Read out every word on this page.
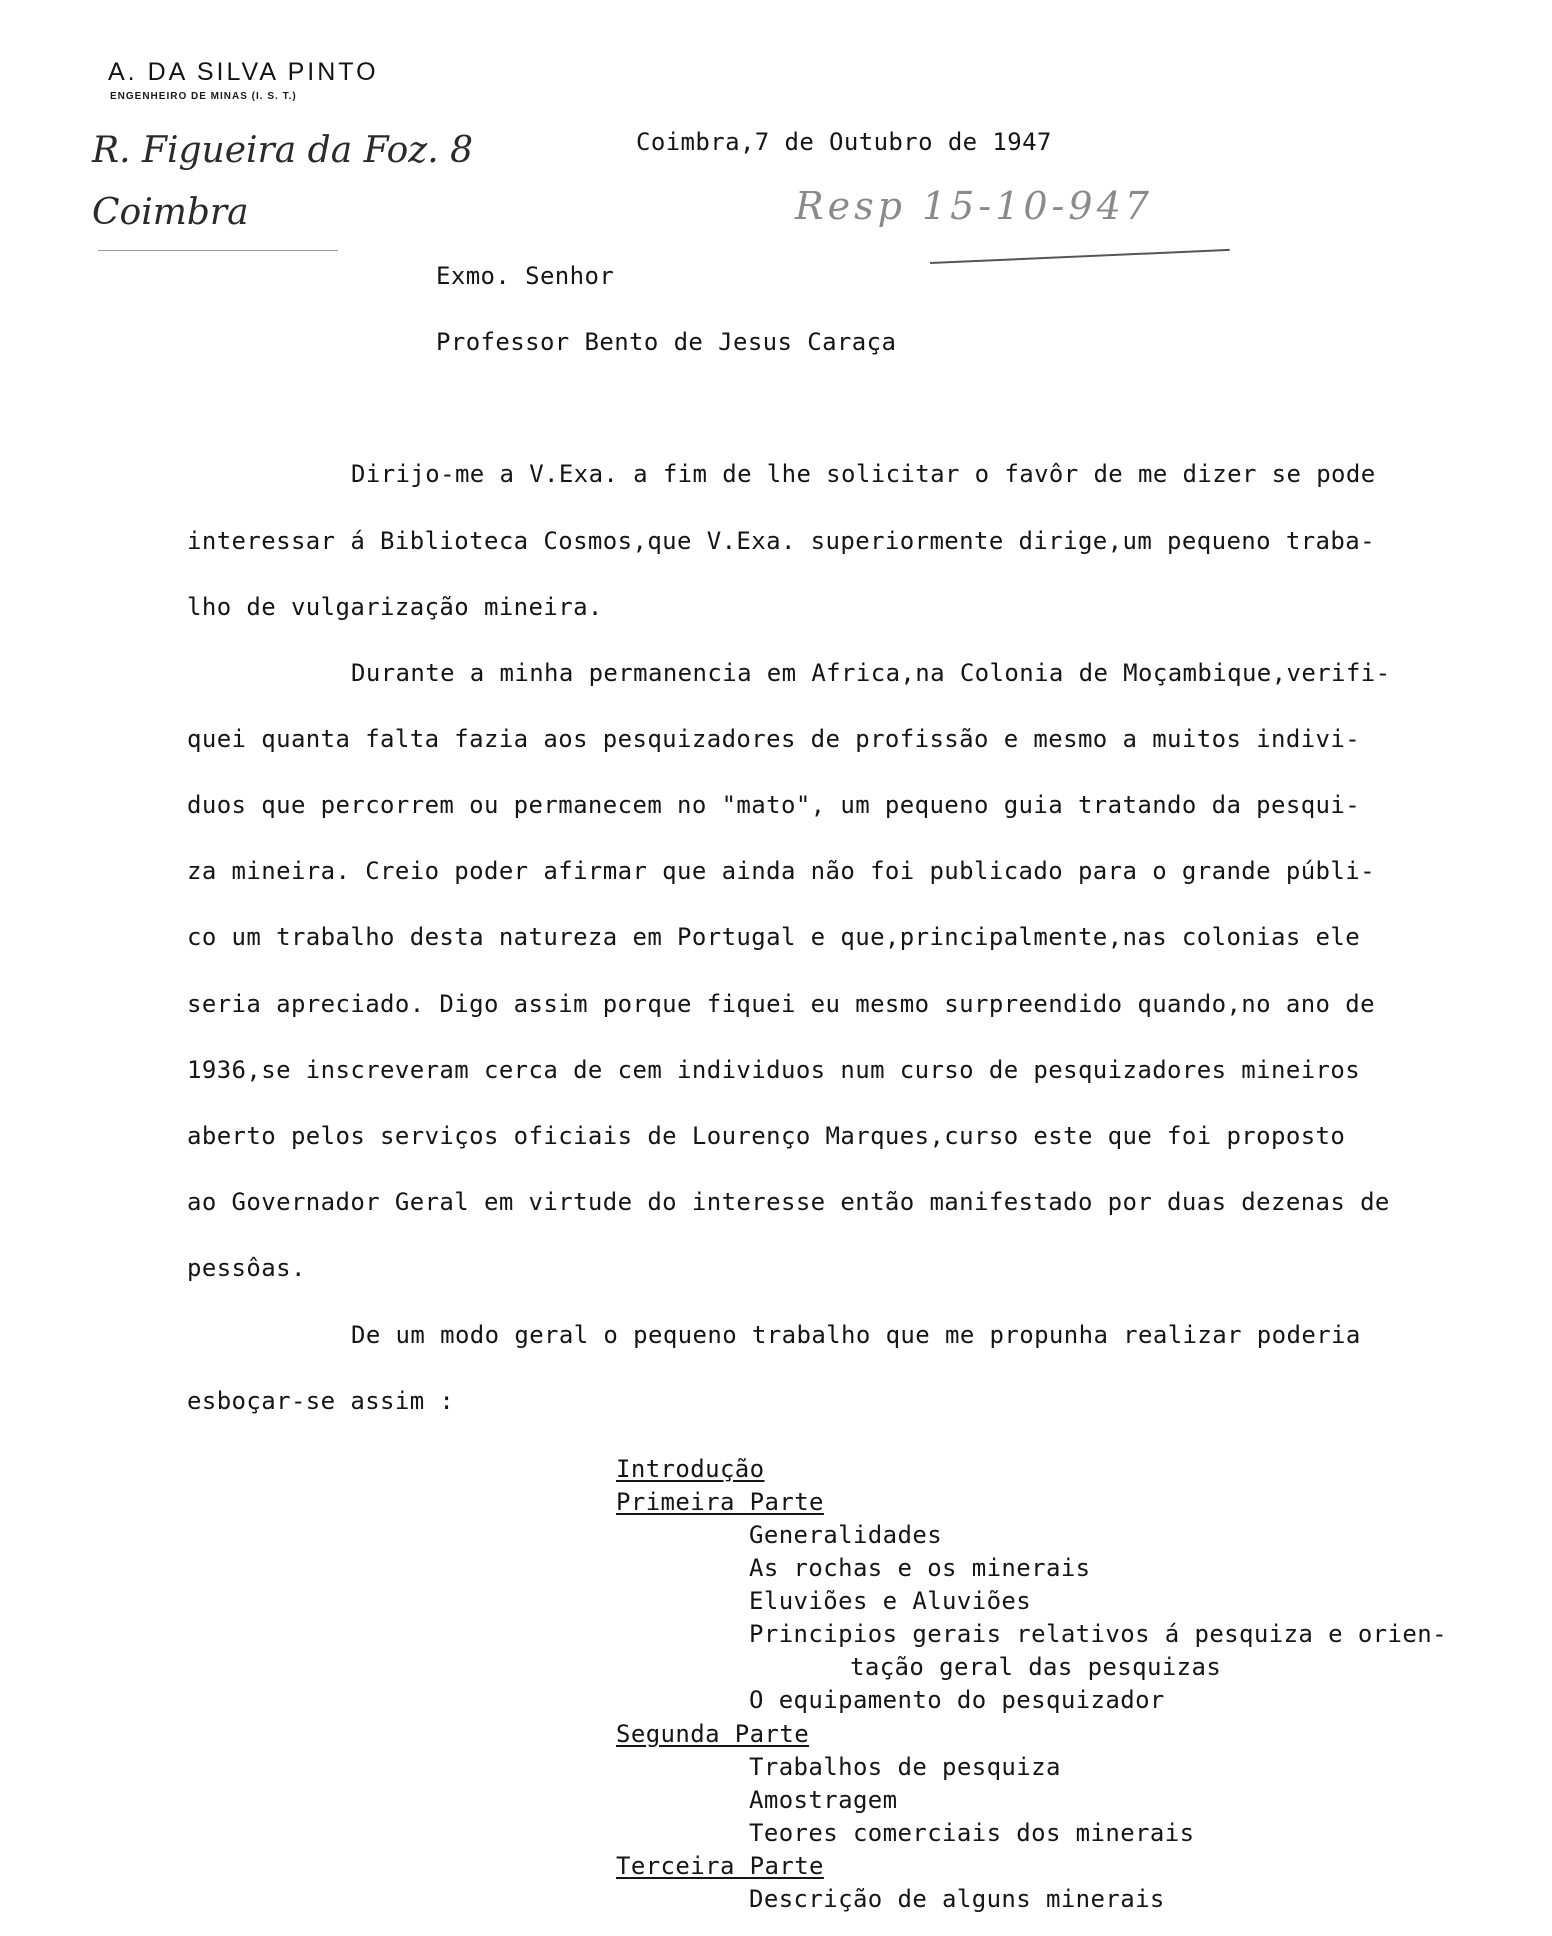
A. DA SILVA PINTO
ENGENHEIRO DE MINAS (I. S. T.)
R. Figueira da Foz. 8
Coimbra	Resp 15-10-947
Coimbra,7 de Outubro de 1947
Exmo. Senhor
Professor Bento de Jesus Caraça
Dirijo-me a V.Exa. a fim de lhe solicitar o favôr de me dizer se pode
interessar á Biblioteca Cosmos,que V.Exa. superiormente dirige,um pequeno traba-
lho de vulgarização mineira.
Durante a minha permanencia em Africa,na Colonia de Moçambique,verifi-
quei quanta falta fazia aos pesquizadores de profissão e mesmo a muitos indivi-
duos que percorrem ou permanecem no "mato", um pequeno guia tratando da pesqui-
za mineira. Creio poder afirmar que ainda não foi publicado para o grande públi-
co um trabalho desta natureza em Portugal e que,principalmente,nas colonias ele
seria apreciado. Digo assim porque fiquei eu mesmo surpreendido quando,no ano de
1936,se inscreveram cerca de cem individuos num curso de pesquizadores mineiros
aberto pelos serviços oficiais de Lourenço Marques,curso este que foi proposto
ao Governador Geral em virtude do interesse então manifestado por duas dezenas de
pessôas.
De um modo geral o pequeno trabalho que me propunha realizar poderia
esboçar-se assim :
Introdução
Primeira Parte
Generalidades
As rochas e os minerais
Eluviões e Aluviões
Principios gerais relativos á pesquiza e orien-
tação geral das pesquizas
O equipamento do pesquizador
Segunda Parte
Trabalhos de pesquiza
Amostragem
Teores comerciais dos minerais
Terceira Parte
Descrição de alguns minerais
